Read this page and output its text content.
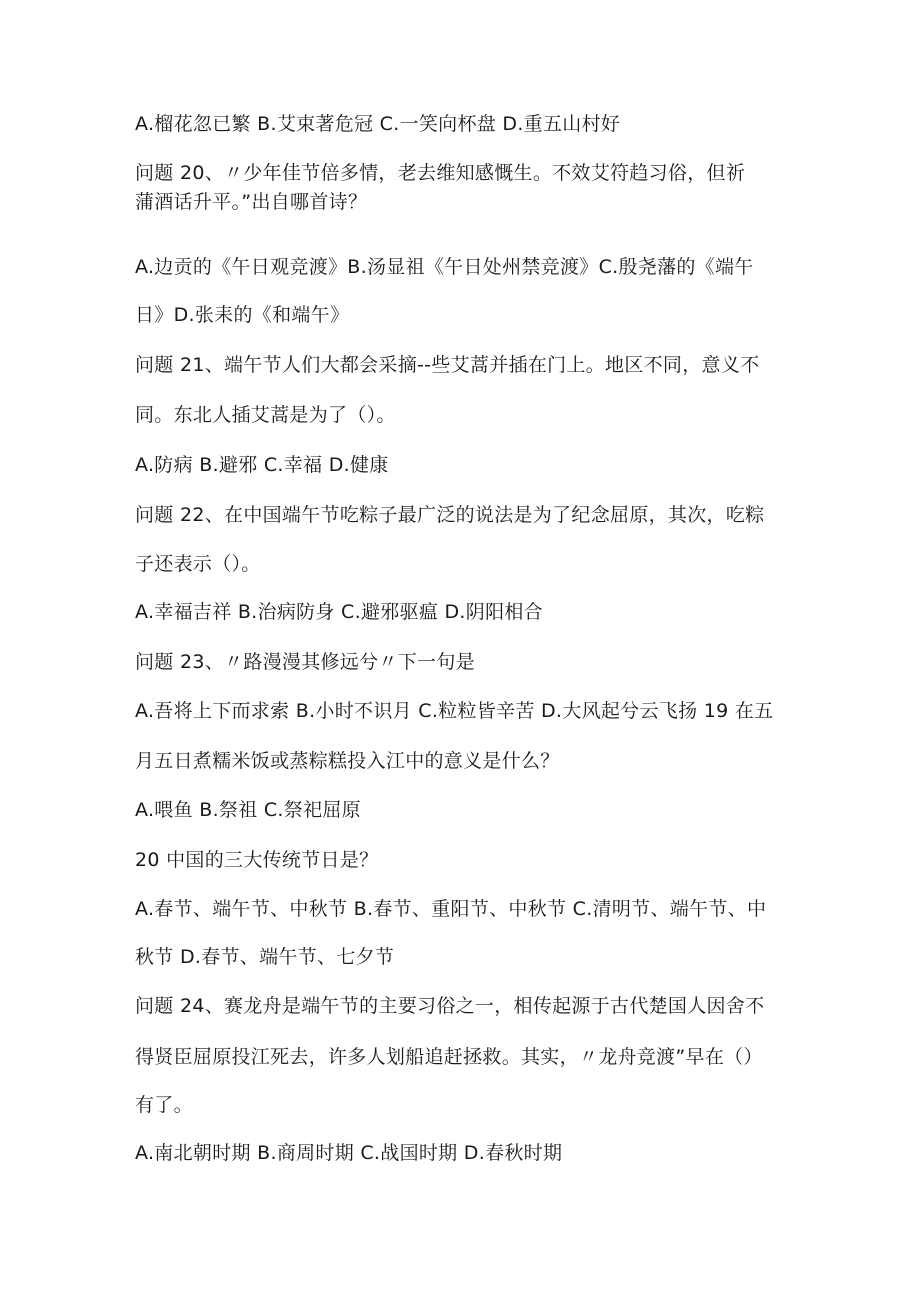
A.榴花忽已繁 B.艾束著危冠 C.一笑向杯盘 D.重五山村好
问题 20、〃少年佳节倍多情，老去维知感慨生。不效艾符趋习俗，但祈
蒲酒话升平。”出自哪首诗？
A.边贡的《午日观竞渡》B.汤显祖《午日处州禁竞渡》C.殷尧藩的《端午
日》D.张耒的《和端午》
问题 21、端午节人们大都会采摘--些艾蒿并插在门上。地区不同，意义不
同。东北人插艾蒿是为了（）。
A.防病 B.避邪 C.幸福 D.健康
问题 22、在中国端午节吃粽子最广泛的说法是为了纪念屈原，其次，吃粽
子还表示（）。
A.幸福吉祥 B.治病防身 C.避邪驱瘟 D.阴阳相合
问题 23、〃路漫漫其修远兮〃下一句是
A.吾将上下而求索 B.小时不识月 C.粒粒皆辛苦 D.大风起兮云飞扬 19 在五
月五日煮糯米饭或蒸粽糕投入江中的意义是什么？
A.喂鱼 B.祭祖 C.祭祀屈原
20 中国的三大传统节日是？
A.春节、端午节、中秋节 B.春节、重阳节、中秋节 C.清明节、端午节、中
秋节 D.春节、端午节、七夕节
问题 24、赛龙舟是端午节的主要习俗之一，相传起源于古代楚国人因舍不
得贤臣屈原投江死去，许多人划船追赶拯救。其实，〃龙舟竞渡”早在（）
有了。
A.南北朝时期 B.商周时期 C.战国时期 D.春秋时期
